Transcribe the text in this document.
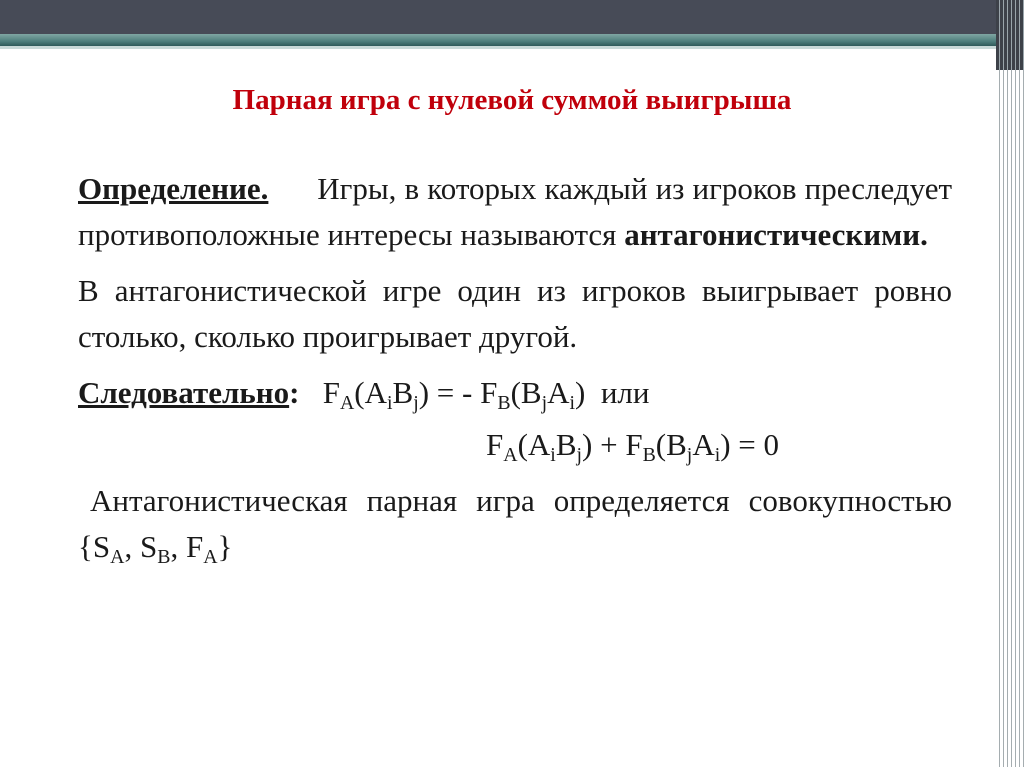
Парная игра с нулевой суммой выигрыша

Определение. Игры, в которых каждый из игроков преследует противоположные интересы называются антагонистическими.

В антагонистической игре один из игроков выигрывает ровно столько, сколько проигрывает другой.

Следовательно: $F_A(A_iB_j)$ = - $F_B(B_jA_i)$  или

$F_A(A_iB_j) + F_B(B_jA_i) = 0$

Антагонистическая парная игра определяется совокупностью {$S_A$, $S_B$, $F_A$}
